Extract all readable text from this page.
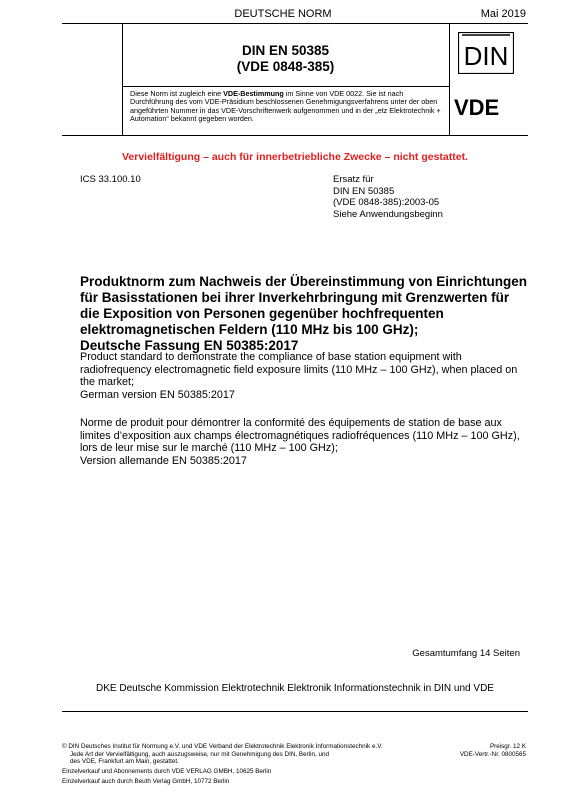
DEUTSCHE NORM	Mai 2019
DIN EN 50385
(VDE 0848-385)
Diese Norm ist zugleich eine VDE-Bestimmung im Sinne von VDE 0022. Sie ist nach Durchführung des vom VDE-Präsidium beschlossenen Genehmigungsverfahrens unter der oben angeführten Nummer in das VDE-Vorschriftenwerk aufgenommen und in der „etz Elektrotechnik + Automation“ bekannt gegeben worden.
DIN
VDE
Vervielfältigung – auch für innerbetriebliche Zwecke – nicht gestattet.
ICS 33.100.10	Ersatz für
DIN EN 50385
(VDE 0848-385):2003-05
Siehe Anwendungsbeginn
Produktnorm zum Nachweis der Übereinstimmung von Einrichtungen für Basisstationen bei ihrer Inverkehrbringung mit Grenzwerten für die Exposition von Personen gegenüber hochfrequenten elektromagnetischen Feldern (110 MHz bis 100 GHz);
Deutsche Fassung EN 50385:2017
Product standard to demonstrate the compliance of base station equipment with radiofrequency electromagnetic field exposure limits (110 MHz – 100 GHz), when placed on the market;
German version EN 50385:2017
Norme de produit pour démontrer la conformité des équipements de station de base aux limites d’exposition aux champs électromagnétiques radiofréquences (110 MHz – 100 GHz), lors de leur mise sur le marché (110 MHz – 100 GHz);
Version allemande EN 50385:2017
Gesamtumfang 14 Seiten
DKE Deutsche Kommission Elektrotechnik Elektronik Informationstechnik in DIN und VDE
© DIN Deutsches Institut für Normung e.V. und VDE Verband der Elektrotechnik Elektronik Informationstechnik e.V.
Jede Art der Vervielfältigung, auch auszugsweise, nur mit Genehmigung des DIN, Berlin, und
des VDE, Frankfurt am Main, gestattet.
Preisgr. 12 K
VDE-Vertr.-Nr. 0800565
Einzelverkauf und Abonnements durch VDE VERLAG GMBH, 10625 Berlin
Einzelverkauf auch durch Beuth Verlag GmbH, 10772 Berlin
